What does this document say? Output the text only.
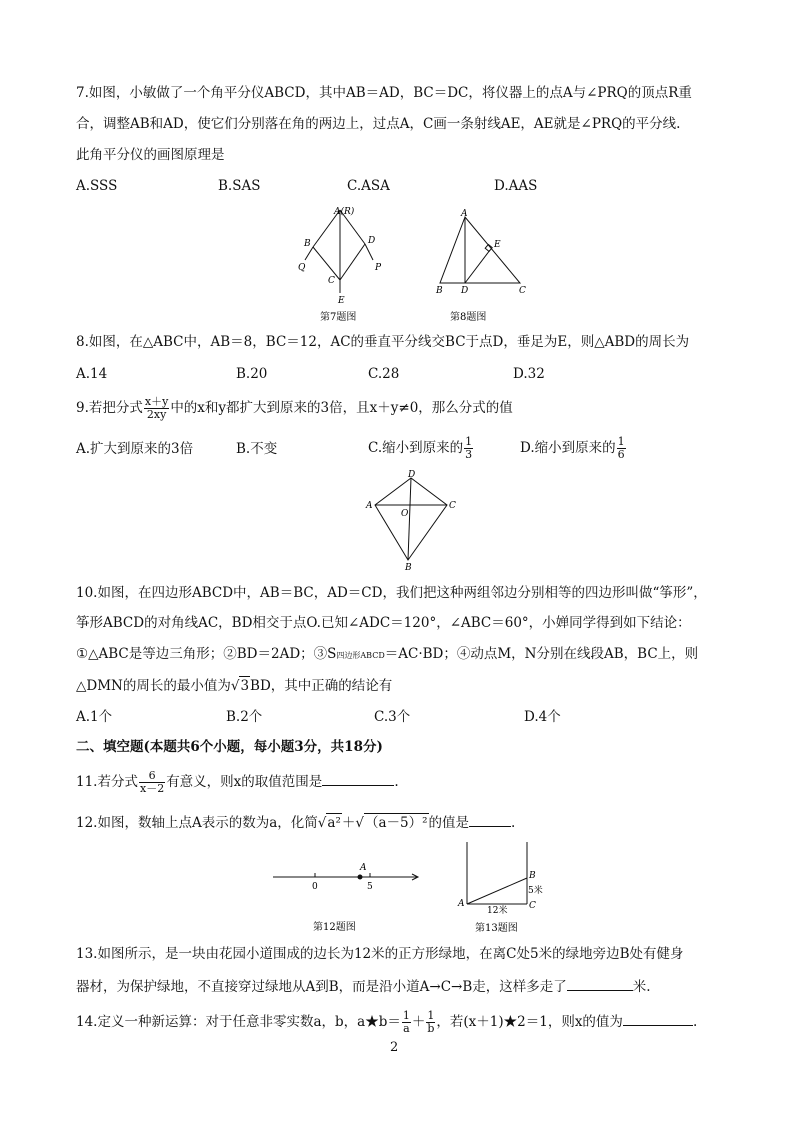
7.如图，小敏做了一个角平分仪ABCD，其中AB＝AD，BC＝DC，将仪器上的点A与∠PRQ的顶点R重
合，调整AB和AD，使它们分别落在角的两边上，过点A，C画一条射线AE，AE就是∠PRQ的平分线.
此角平分仪的画图原理是
A.SSS	B.SAS	C.ASA	D.AAS
A(R)
B	D
Q	P
C
E
第7题图
A
B D	C
E
第8题图
8.如图，在△ABC中，AB＝8，BC＝12，AC的垂直平分线交BC于点D，垂足为E，则△ABD的周长为
A.14	B.20	C.28	D.32
9.若把分式 $\frac{x+y}{2xy}$ 中的x和y都扩大到原来的3倍，且x＋y≠0，那么分式的值
A.扩大到原来的3倍	B.不变	C.缩小到原来的 $\frac{1}{3}$	D.缩小到原来的 $\frac{1}{6}$
D
A	C
O
B
10.如图，在四边形ABCD中，AB＝BC，AD＝CD，我们把这种两组邻边分别相等的四边形叫做“筝形”，
筝形ABCD的对角线AC，BD相交于点O.已知∠ADC＝120°，∠ABC＝60°，小婵同学得到如下结论：
①△ABC是等边三角形；②BD＝2AD；③S四边形ABCD＝AC·BD；④动点M，N分别在线段AB，BC上，则
△DMN的周长的最小值为√3BD，其中正确的结论有
A.1个	B.2个	C.3个	D.4个
二、填空题(本题共6个小题，每小题3分，共18分)
11.若分式 $\frac{6}{x-2}$ 有意义，则x的取值范围是	.
12.如图，数轴上点A表示的数为a，化简√a²＋√（a－5）²的值是	.
A
0	5
第12题图
A
B
C
5米
12米
第13题图
13.如图所示，是一块由花园小道围成的边长为12米的正方形绿地，在离C处5米的绿地旁边B处有健身
器材，为保护绿地，不直接穿过绿地从A到B，而是沿小道A→C→B走，这样多走了	米.
14.定义一种新运算：对于任意非零实数a，b，a★b＝ $\frac{1}{a} + \frac{1}{b}$ ，若(x＋1)★2＝1，则x的值为	.
2
